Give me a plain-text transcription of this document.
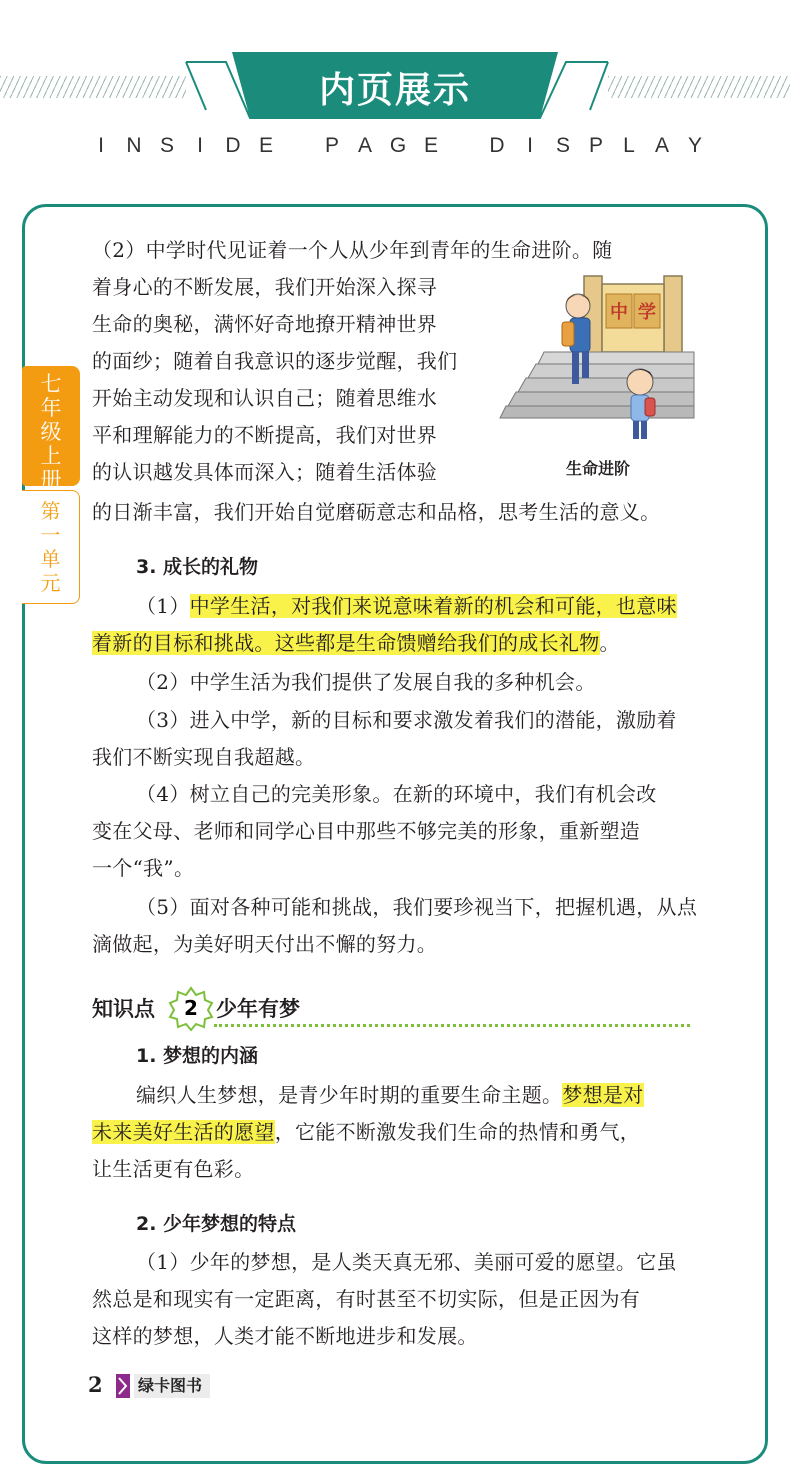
内页展示
I N S I D E P A G E D I S P L A Y
七
年
级
上
册
第
一
单
元

（2）中学时代见证着一个人从少年到青年的生命进阶。随

着身心的不断发展，我们开始深入探寻

生命的奥秘，满怀好奇地撩开精神世界

的面纱；随着自我意识的逐步觉醒，我们

开始主动发现和认识自己；随着思维水

平和理解能力的不断提高，我们对世界

的认识越发具体而深入；随着生活体验

的日渐丰富，我们开始自觉磨砺意志和品格，思考生活的意义。

中 学
生命进阶

3. 成长的礼物

（1）中学生活，对我们来说意味着新的机会和可能，也意味

着新的目标和挑战。这些都是生命馈赠给我们的成长礼物。

（2）中学生活为我们提供了发展自我的多种机会。

（3）进入中学，新的目标和要求激发着我们的潜能，激励着

我们不断实现自我超越。

（4）树立自己的完美形象。在新的环境中，我们有机会改

变在父母、老师和同学心目中那些不够完美的形象，重新塑造

一个“我”。

（5）面对各种可能和挑战，我们要珍视当下，把握机遇，从点

滴做起，为美好明天付出不懈的努力。

知识点	2 少年有梦

1. 梦想的内涵

编织人生梦想，是青少年时期的重要生命主题。梦想是对

未来美好生活的愿望，它能不断激发我们生命的热情和勇气，

让生活更有色彩。

2. 少年梦想的特点

（1）少年的梦想，是人类天真无邪、美丽可爱的愿望。它虽

然总是和现实有一定距离，有时甚至不切实际，但是正因为有

这样的梦想，人类才能不断地进步和发展。

2 绿卡图书
